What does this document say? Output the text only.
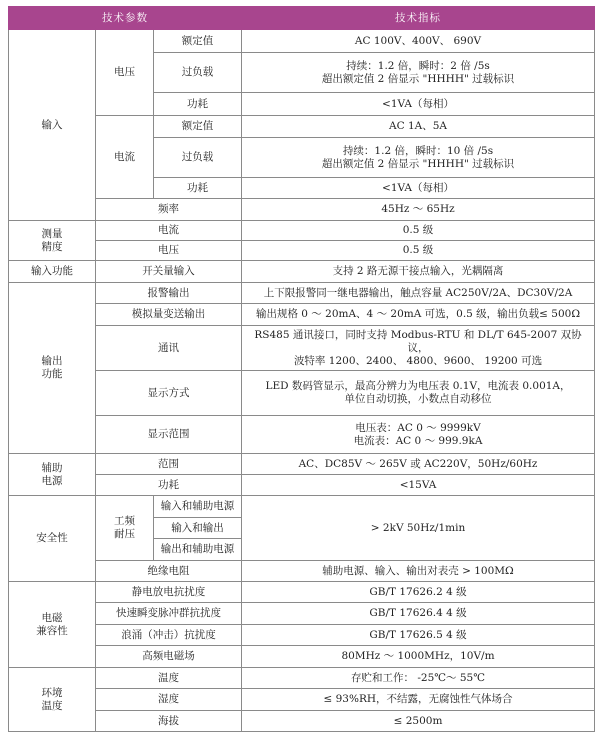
技术参数			技术指标
输入	电压	额定值	AC 100V、400V、 690V
		过负载	持续：1.2 倍，瞬时：2 倍 /5s
超出额定值 2 倍显示 "HHHH" 过载标识

		功耗	<1VA（每相）
	电流	额定值	AC 1A、5A
		过负载	持续：1.2 倍，瞬时：10 倍 /5s
超出额定值 2 倍显示 "HHHH" 过载标识

		功耗	<1VA（每相）
	频率		45Hz ～ 65Hz

测量
精度	电流		0.5 级
	电压		0.5 级
输入功能	开关量输入		支持 2 路无源干接点输入，光耦隔离

输出
功能	报警输出		上下限报警同一继电器输出，触点容量 AC250V/2A、DC30V/2A
	模拟量变送输出		输出规格 0 ～ 20mA、4 ～ 20mA 可选，0.5 级，输出负载≤ 500Ω
	通讯		RS485 通讯接口，同时支持 Modbus-RTU 和 DL/T 645-2007 双协议，
波特率 1200、2400、 4800、9600、 19200 可选

	显示方式		LED 数码管显示，最高分辨力为电压表 0.1V，电流表 0.001A，
单位自动切换，小数点自动移位

	显示范围		电压表：AC 0 ～ 9999kV
电流表：AC 0 ～ 999.9kA

辅助
电源	范围		AC、DC85V ～ 265V 或 AC220V，50Hz/60Hz
	功耗		<15VA
安全性	工频
耐压	输入和辅助电源	> 2kV 50Hz/1min
		输入和输出	
		输出和辅助电源	
	绝缘电阻		辅助电源、输入、输出对表壳 > 100MΩ

电磁
兼容性	静电放电抗扰度		GB/T 17626.2 4 级
	快速瞬变脉冲群抗扰度		GB/T 17626.4 4 级
	浪涌（冲击）抗扰度		GB/T 17626.5 4 级
	高频电磁场		80MHz ～ 1000MHz，10V/m

环境
温度	温度		存贮和工作： -25℃～ 55℃
	湿度		≤ 93%RH，不结露，无腐蚀性气体场合
	海拔		≤ 2500m
